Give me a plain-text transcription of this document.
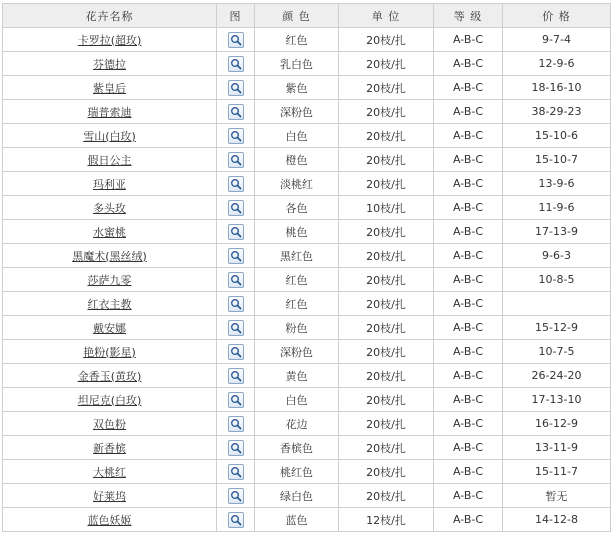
花卉名称	图	颜 色	单 位	等 级	价 格
卡罗拉(超玫)		红色	20枝/扎	A-B-C	9-7-4
芬德拉		乳白色	20枝/扎	A-B-C	12-9-6
紫皇后		紫色	20枝/扎	A-B-C	18-16-10
瑞普索迪		深粉色	20枝/扎	A-B-C	38-29-23
雪山(白玫)		白色	20枝/扎	A-B-C	15-10-6
假日公主		橙色	20枝/扎	A-B-C	15-10-7
玛利亚		淡桃红	20枝/扎	A-B-C	13-9-6
多头玫		各色	10枝/扎	A-B-C	11-9-6
水蜜桃		桃色	20枝/扎	A-B-C	17-13-9
黑魔术(黑丝绒)		黑红色	20枝/扎	A-B-C	9-6-3
莎萨九零		红色	20枝/扎	A-B-C	10-8-5
红衣主教		红色	20枝/扎	A-B-C	
戴安娜		粉色	20枝/扎	A-B-C	15-12-9
艳粉(影星)		深粉色	20枝/扎	A-B-C	10-7-5
金香玉(黄玫)		黄色	20枝/扎	A-B-C	26-24-20
坦尼克(白玫)		白色	20枝/扎	A-B-C	17-13-10
双色粉		花边	20枝/扎	A-B-C	16-12-9
新香槟		香槟色	20枝/扎	A-B-C	13-11-9
大桃红		桃红色	20枝/扎	A-B-C	15-11-7
好莱坞		绿白色	20枝/扎	A-B-C	暂无
蓝色妖姬		蓝色	12枝/扎	A-B-C	14-12-8
